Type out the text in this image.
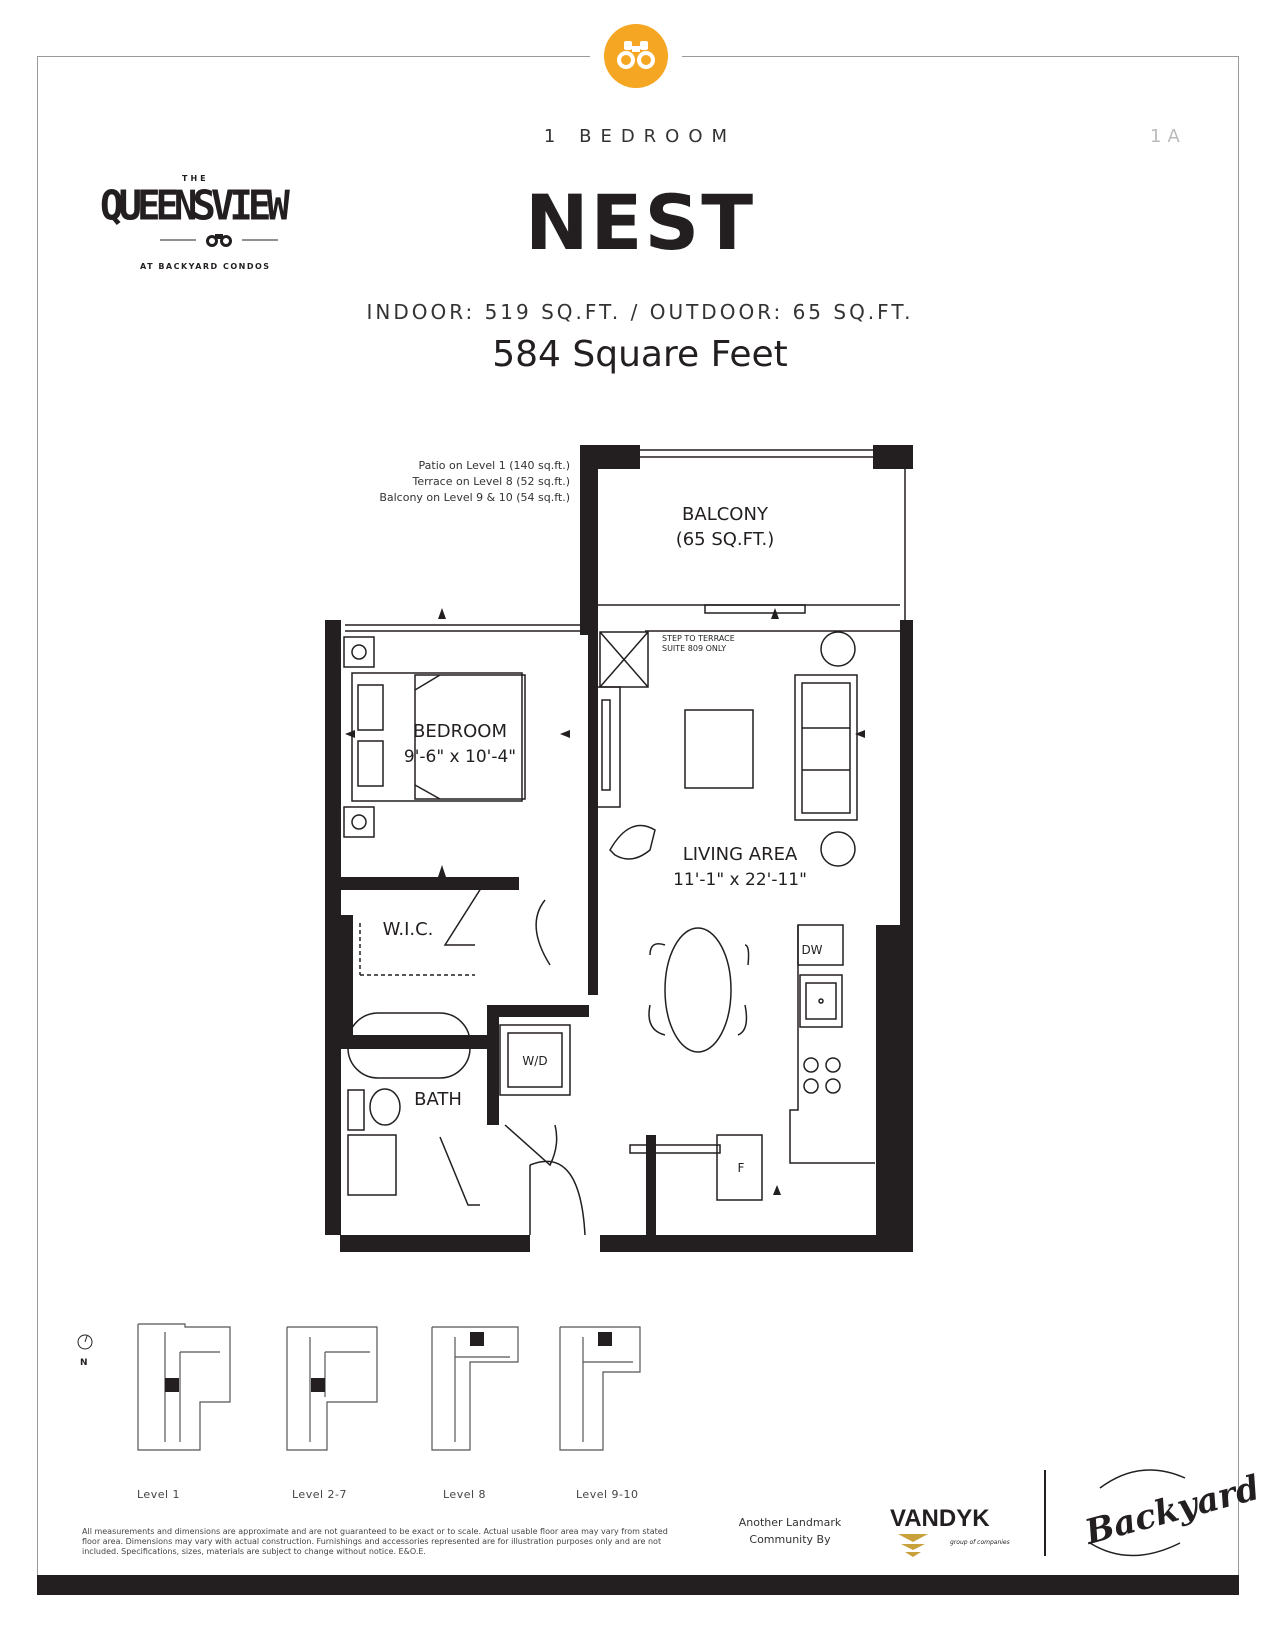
1 BEDROOM	1A
THE
QUEENSVIEW
AT BACKYARD CONDOS	NEST
INDOOR: 519 SQ.FT. / OUTDOOR: 65 SQ.FT.
584 Square Feet
Patio on Level 1 (140 sq.ft.)
Terrace on Level 8 (52 sq.ft.)
Balcony on Level 9 & 10 (54 sq.ft.)
BALCONY
(65 SQ.FT.)
STEP TO TERRACE
SUITE 809 ONLY
BEDROOM
9'-6" x 10'-4"
LIVING AREA
11'-1" x 22'-11"
W.I.C.
W/D
BATH
DW
F
N
Level 1	Level 2-7	Level 8	Level 9-10
All measurements and dimensions are approximate and are not guaranteed to be exact or to scale. Actual usable floor area may vary from stated floor area. Dimensions may vary with actual construction. Furnishings and accessories represented are for illustration purposes only and are not included. Specifications, sizes, materials are subject to change without notice. E&O.E.
Another Landmark
Community By
VANDYK
group of companies Backyard
